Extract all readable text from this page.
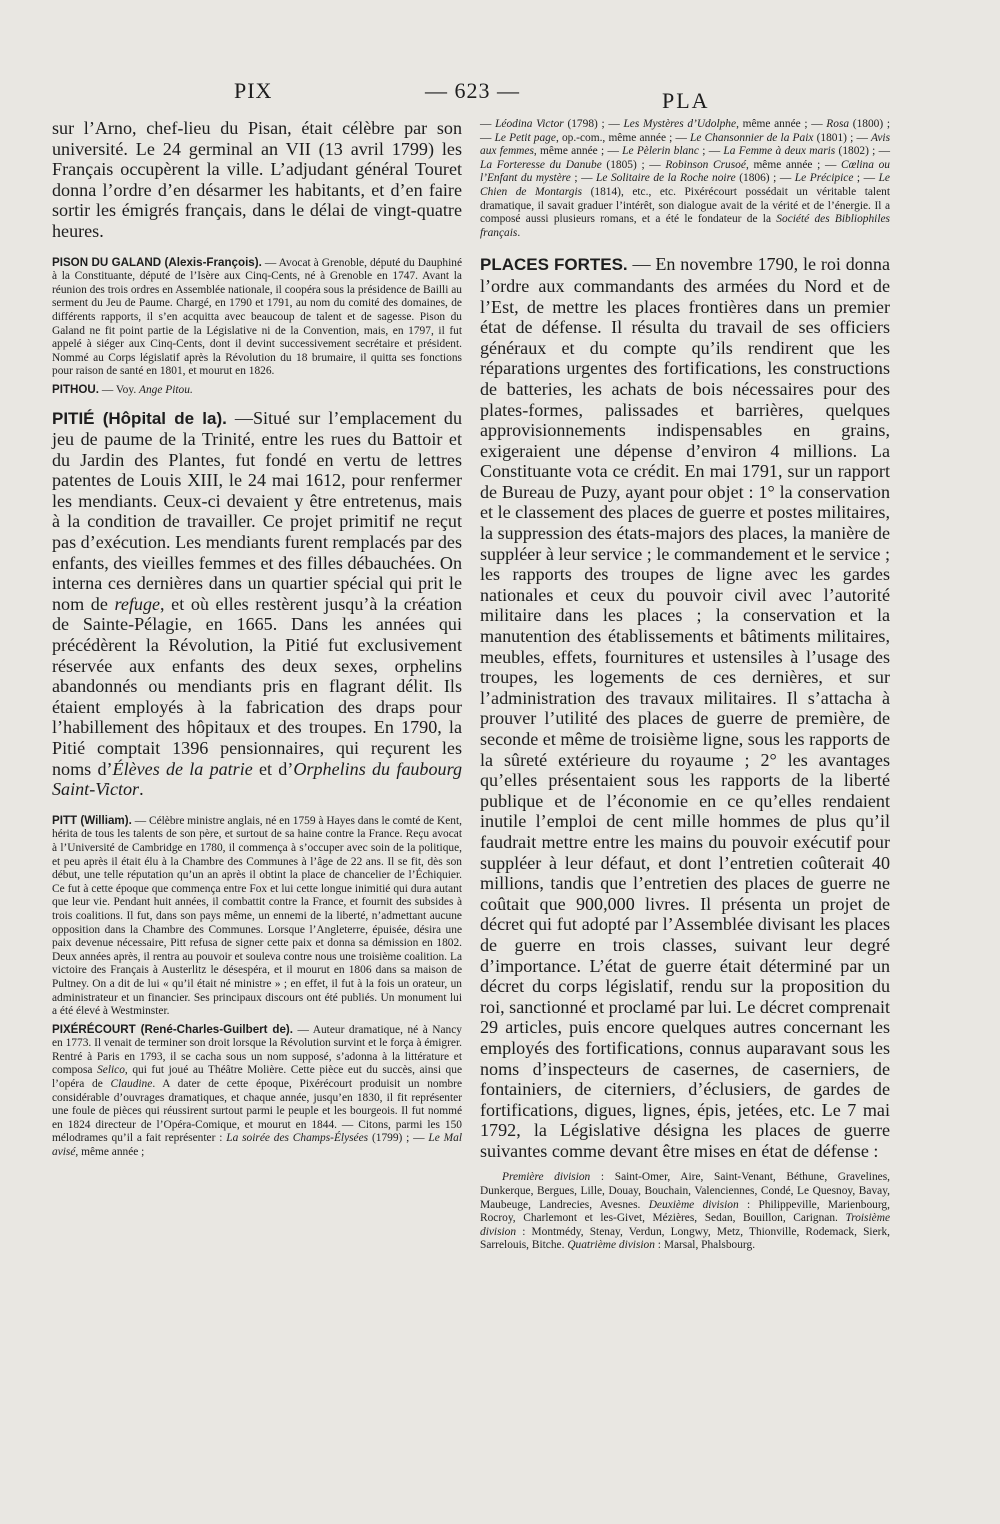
PIX	— 623 —	PLA

sur l’Arno, chef-lieu du Pisan, était célèbre par son université. Le 24 germinal an VII (13 avril 1799) les Français occupèrent la ville. L’adjudant général Touret donna l’ordre d’en désarmer les habitants, et d’en faire sortir les émigrés français, dans le délai de vingt-quatre heures.

PISON DU GALAND (Alexis-François). — Avocat à Grenoble, député du Dauphiné à la Constituante, député de l’Isère aux Cinq-Cents, né à Grenoble en 1747. Avant la réunion des trois ordres en Assemblée nationale, il coopéra sous la présidence de Bailli au serment du Jeu de Paume. Chargé, en 1790 et 1791, au nom du comité des domaines, de différents rapports, il s’en acquitta avec beaucoup de talent et de sagesse. Pison du Galand ne fit point partie de la Législative ni de la Convention, mais, en 1797, il fut appelé à siéger aux Cinq-Cents, dont il devint successivement secrétaire et président. Nommé au Corps législatif après la Révolution du 18 brumaire, il quitta ses fonctions pour raison de santé en 1801, et mourut en 1826.

PITHOU. — Voy. Ange Pitou.

PITIÉ (Hôpital de la). —Situé sur l’emplacement du jeu de paume de la Trinité, entre les rues du Battoir et du Jardin des Plantes, fut fondé en vertu de lettres patentes de Louis XIII, le 24 mai 1612, pour renfermer les mendiants. Ceux-ci devaient y être entretenus, mais à la condition de travailler. Ce projet primitif ne reçut pas d’exécution. Les mendiants furent remplacés par des enfants, des vieilles femmes et des filles débauchées. On interna ces dernières dans un quartier spécial qui prit le nom de refuge, et où elles restèrent jusqu’à la création de Sainte-Pélagie, en 1665. Dans les années qui précédèrent la Révolution, la Pitié fut exclusivement réservée aux enfants des deux sexes, orphelins abandonnés ou mendiants pris en flagrant délit. Ils étaient employés à la fabrication des draps pour l’habillement des hôpitaux et des troupes. En 1790, la Pitié comptait 1396 pensionnaires, qui reçurent les noms d’Élèves de la patrie et d’Orphelins du faubourg Saint-Victor.

PITT (William). — Célèbre ministre anglais, né en 1759 à Hayes dans le comté de Kent, hérita de tous les talents de son père, et surtout de sa haine contre la France. Reçu avocat à l’Université de Cambridge en 1780, il commença à s’occuper avec soin de la politique, et peu après il était élu à la Chambre des Communes à l’âge de 22 ans. Il se fit, dès son début, une telle réputation qu’un an après il obtint la place de chancelier de l’Échiquier. Ce fut à cette époque que commença entre Fox et lui cette longue inimitié qui dura autant que leur vie. Pendant huit années, il combattit contre la France, et fournit des subsides à trois coalitions. Il fut, dans son pays même, un ennemi de la liberté, n’admettant aucune opposition dans la Chambre des Communes. Lorsque l’Angleterre, épuisée, désira une paix devenue nécessaire, Pitt refusa de signer cette paix et donna sa démission en 1802. Deux années après, il rentra au pouvoir et souleva contre nous une troisième coalition. La victoire des Français à Austerlitz le désespéra, et il mourut en 1806 dans sa maison de Pultney. On a dit de lui « qu’il était né ministre » ; en effet, il fut à la fois un orateur, un administrateur et un financier. Ses principaux discours ont été publiés. Un monument lui a été élevé à Westminster.

PIXÉRÉCOURT (René-Charles-Guilbert de). — Auteur dramatique, né à Nancy en 1773. Il venait de terminer son droit lorsque la Révolution survint et le força à émigrer. Rentré à Paris en 1793, il se cacha sous un nom supposé, s’adonna à la littérature et composa Selico, qui fut joué au Théâtre Molière. Cette pièce eut du succès, ainsi que l’opéra de Claudine. A dater de cette époque, Pixérécourt produisit un nombre considérable d’ouvrages dramatiques, et chaque année, jusqu’en 1830, il fit représenter une foule de pièces qui réussirent surtout parmi le peuple et les bourgeois. Il fut nommé en 1824 directeur de l’Opéra-Comique, et mourut en 1844. — Citons, parmi les 150 mélodrames qu’il a fait représenter : La soirée des Champs-Élysées (1799) ; — Le Mal avisé, même année ;

— Léodina Victor (1798) ; — Les Mystères d’Udolphe, même année ; — Rosa (1800) ; — Le Petit page, op.-com., même année ; — Le Chansonnier de la Paix (1801) ; — Avis aux femmes, même année ; — Le Pèlerin blanc ; — La Femme à deux maris (1802) ; — La Forteresse du Danube (1805) ; — Robinson Crusoé, même année ; — Cœlina ou l’Enfant du mystère ; — Le Solitaire de la Roche noire (1806) ; — Le Précipice ; — Le Chien de Montargis (1814), etc., etc. Pixérécourt possédait un véritable talent dramatique, il savait graduer l’intérêt, son dialogue avait de la vérité et de l’énergie. Il a composé aussi plusieurs romans, et a été le fondateur de la Société des Bibliophiles français.

PLACES FORTES. — En novembre 1790, le roi donna l’ordre aux commandants des armées du Nord et de l’Est, de mettre les places frontières dans un premier état de défense. Il résulta du travail de ses officiers généraux et du compte qu’ils rendirent que les réparations urgentes des fortifications, les constructions de batteries, les achats de bois nécessaires pour des plates-formes, palissades et barrières, quelques approvisionnements indispensables en grains, exigeraient une dépense d’environ 4 millions. La Constituante vota ce crédit. En mai 1791, sur un rapport de Bureau de Puzy, ayant pour objet : 1° la conservation et le classement des places de guerre et postes militaires, la suppression des états-majors des places, la manière de suppléer à leur service ; le commandement et le service ; les rapports des troupes de ligne avec les gardes nationales et ceux du pouvoir civil avec l’autorité militaire dans les places ; la conservation et la manutention des établissements et bâtiments militaires, meubles, effets, fournitures et ustensiles à l’usage des troupes, les logements de ces dernières, et sur l’administration des travaux militaires. Il s’attacha à prouver l’utilité des places de guerre de première, de seconde et même de troisième ligne, sous les rapports de la sûreté extérieure du royaume ; 2° les avantages qu’elles présentaient sous les rapports de la liberté publique et de l’économie en ce qu’elles rendaient inutile l’emploi de cent mille hommes de plus qu’il faudrait mettre entre les mains du pouvoir exécutif pour suppléer à leur défaut, et dont l’entretien coûterait 40 millions, tandis que l’entretien des places de guerre ne coûtait que 900,000 livres. Il présenta un projet de décret qui fut adopté par l’Assemblée divisant les places de guerre en trois classes, suivant leur degré d’importance. L’état de guerre était déterminé par un décret du corps législatif, rendu sur la proposition du roi, sanctionné et proclamé par lui. Le décret comprenait 29 articles, puis encore quelques autres concernant les employés des fortifications, connus auparavant sous les noms d’inspecteurs de casernes, de caserniers, de fontainiers, de citerniers, d’éclusiers, de gardes de fortifications, digues, lignes, épis, jetées, etc. Le 7 mai 1792, la Législative désigna les places de guerre suivantes comme devant être mises en état de défense :

Première division : Saint-Omer, Aire, Saint-Venant, Béthune, Gravelines, Dunkerque, Bergues, Lille, Douay, Bouchain, Valenciennes, Condé, Le Quesnoy, Bavay, Maubeuge, Landrecies, Avesnes. Deuxième division : Philippeville, Marienbourg, Rocroy, Charlemont et les-Givet, Mézières, Sedan, Bouillon, Carignan. Troisième division : Montmédy, Stenay, Verdun, Longwy, Metz, Thionville, Rodemack, Sierk, Sarrelouis, Bitche. Quatrième division : Marsal, Phalsbourg.
